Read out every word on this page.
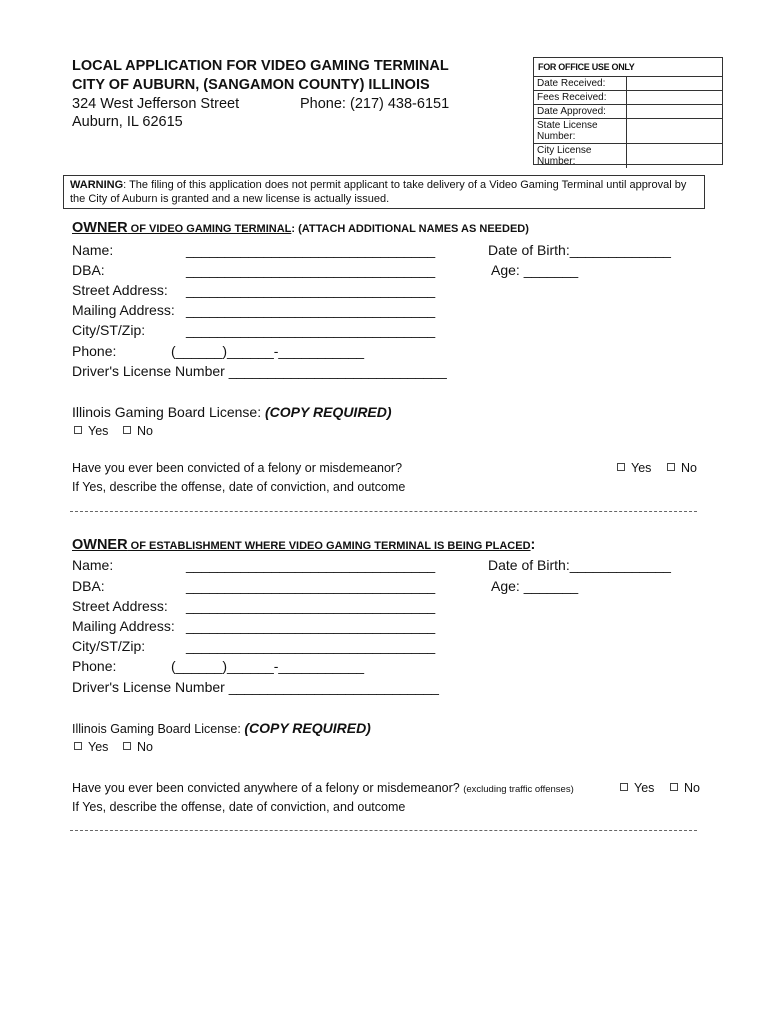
LOCAL APPLICATION FOR VIDEO GAMING TERMINAL
CITY OF AUBURN, (SANGAMON COUNTY) ILLINOIS
324 West Jefferson Street	Phone: (217) 438-6151
Auburn, IL 62615
FOR OFFICE USE ONLY
Date Received:
Fees Received:
Date Approved:
State License Number:
City License Number:
WARNING: The filing of this application does not permit applicant to take delivery of a Video Gaming Terminal until approval by the City of Auburn is granted and a new license is actually issued.
OWNER OF VIDEO GAMING TERMINAL: (ATTACH ADDITIONAL NAMES AS NEEDED)
Name:	________________________________	Date of Birth:_____________
DBA:	________________________________	Age: _______
Street Address: ________________________________
Mailing Address: ________________________________
City/ST/Zip:	________________________________
Phone:	(______)______-___________
Driver's License Number ____________________________
Illinois Gaming Board License: (COPY REQUIRED)
Yes	No
Have you ever been convicted of a felony or misdemeanor?	Yes	No
If Yes, describe the offense, date of conviction, and outcome
OWNER OF ESTABLISHMENT WHERE VIDEO GAMING TERMINAL IS BEING PLACED:
Name:	________________________________	Date of Birth:_____________
DBA:	________________________________	Age: _______
Street Address: ________________________________
Mailing Address: ________________________________
City/ST/Zip:	________________________________
Phone:	(______)______-___________
Driver's License Number ___________________________
Illinois Gaming Board License: (COPY REQUIRED)
Yes	No
Have you ever been convicted anywhere of a felony or misdemeanor? (excluding traffic offenses)	Yes	No
If Yes, describe the offense, date of conviction, and outcome
